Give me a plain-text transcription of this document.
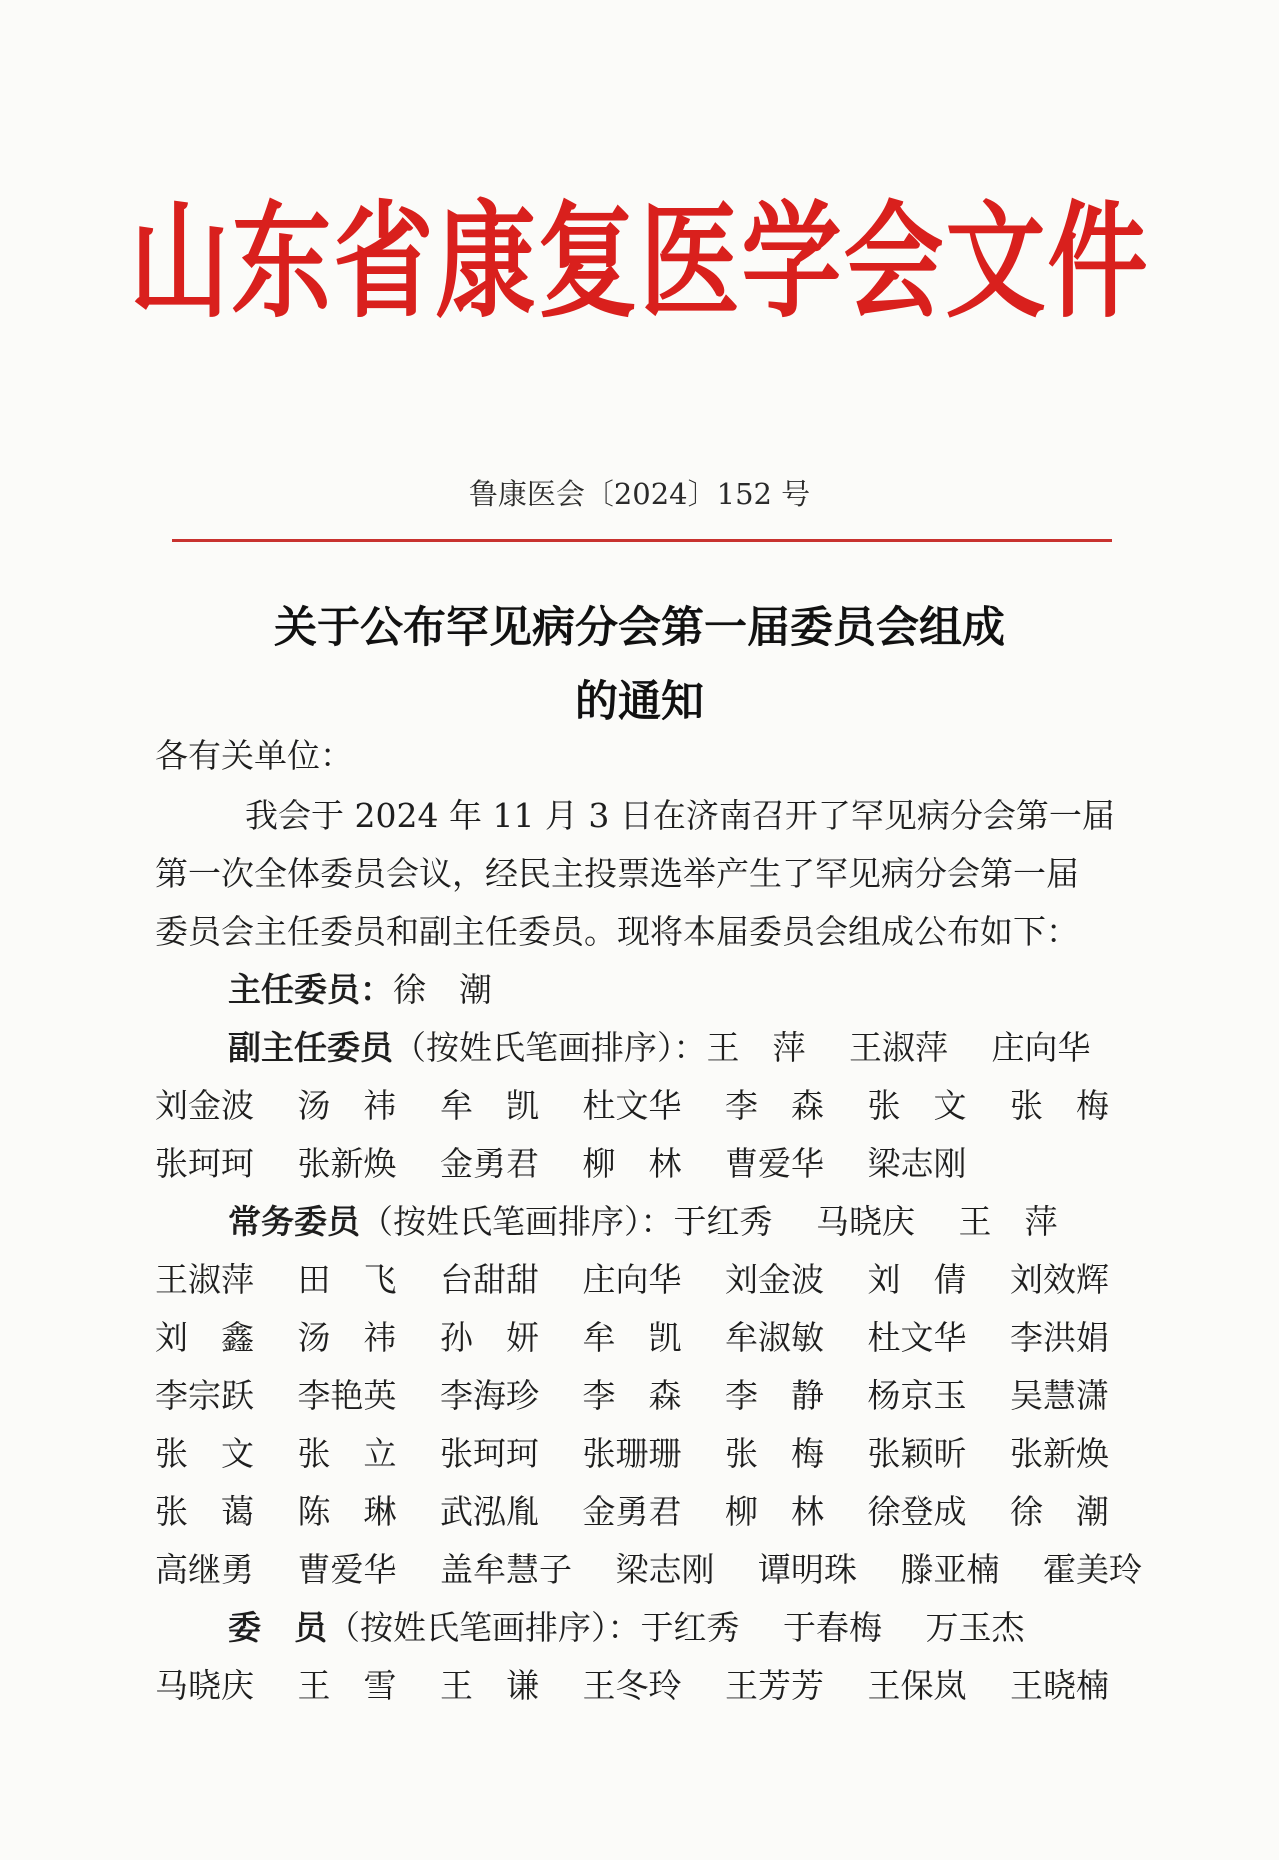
山东省康复医学会文件
鲁康医会〔2024〕152 号
关于公布罕见病分会第一届委员会组成
的通知
各有关单位：
我会于 2024 年 11 月 3 日在济南召开了罕见病分会第一届
第一次全体委员会议，经民主投票选举产生了罕见病分会第一届
委员会主任委员和副主任委员。现将本届委员会组成公布如下：
主任委员：徐　潮
副主任委员（按姓氏笔画排序）：王　萍　 王淑萍　 庄向华
刘金波　 汤　祎　 牟　凯　 杜文华　 李　森　 张　文　 张　梅
张珂珂　 张新焕　 金勇君　 柳　林　 曹爱华　 梁志刚
常务委员（按姓氏笔画排序）：于红秀　 马晓庆　 王　萍
王淑萍　 田　飞　 台甜甜　 庄向华　 刘金波　 刘　倩　 刘效辉
刘　鑫　 汤　祎　 孙　妍　 牟　凯　 牟淑敏　 杜文华　 李洪娟
李宗跃　 李艳英　 李海珍　 李　森　 李　静　 杨京玉　 吴慧潇
张　文　 张　立　 张珂珂　 张珊珊　 张　梅　 张颖昕　 张新焕
张　蔼　 陈　琳　 武泓胤　 金勇君　 柳　林　 徐登成　 徐　潮
高继勇　 曹爱华　 盖牟慧子　 梁志刚　 谭明珠　 滕亚楠　 霍美玲
委　员（按姓氏笔画排序）：于红秀　 于春梅　 万玉杰
马晓庆　 王　雪　 王　谦　 王冬玲　 王芳芳　 王保岚　 王晓楠
